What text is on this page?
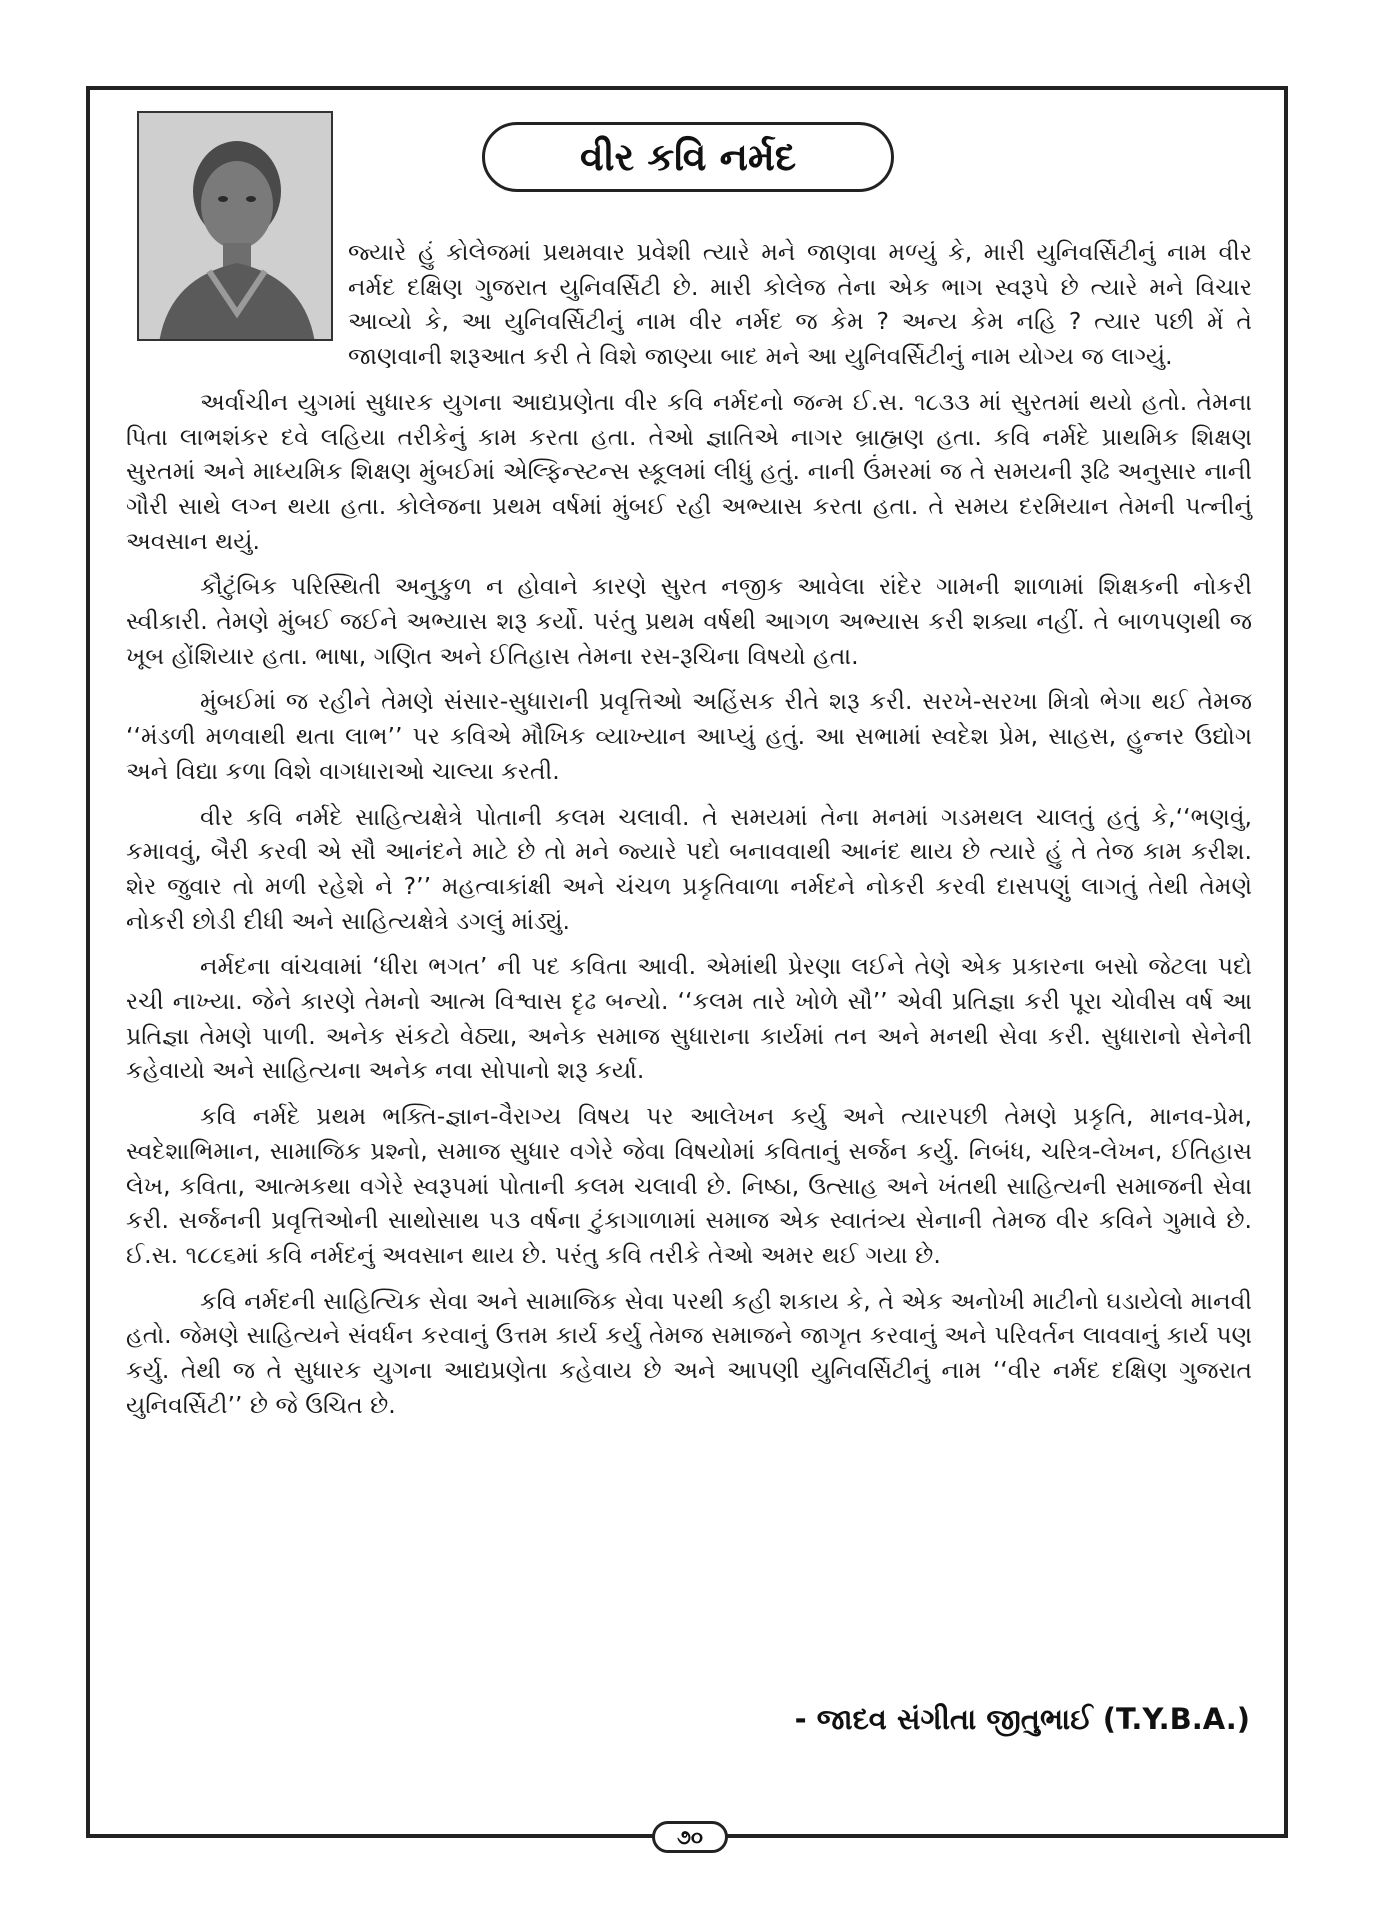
વીર કવિ નર્મદ

જ્યારે હું કોલેજમાં પ્રથમવાર પ્રવેશી ત્યારે મને જાણવા મળ્યું કે, મારી યુનિવર્સિટીનું નામ વીર નર્મદ દક્ષિણ ગુજરાત યુનિવર્સિટી છે. મારી કોલેજ તેના એક ભાગ સ્વરૂપે છે ત્યારે મને વિચાર આવ્યો કે, આ યુનિવર્સિટીનું નામ વીર નર્મદ જ કેમ ? અન્ય કેમ નહિ ? ત્યાર પછી મેં તે જાણવાની શરૂઆત કરી તે વિશે જાણ્યા બાદ મને આ યુનિવર્સિટીનું નામ યોગ્ય જ લાગ્યું.

અર્વાચીન યુગમાં સુધારક યુગના આદ્યપ્રણેતા વીર કવિ નર્મદનો જન્મ ઈ.સ. ૧૮૩૩ માં સુરતમાં થયો હતો. તેમના પિતા લાભશંકર દવે લહિયા તરીકેનું કામ કરતા હતા. તેઓ જ્ઞાતિએ નાગર બ્રાહ્મણ હતા. કવિ નર્મદે પ્રાથમિક શિક્ષણ સુરતમાં અને માધ્યમિક શિક્ષણ મુંબઈમાં એલ્ફિન્સ્ટન્સ સ્કૂલમાં લીધું હતું. નાની ઉંમરમાં જ તે સમયની રૂઢિ અનુસાર નાની ગૌરી સાથે લગ્ન થયા હતા. કોલેજના પ્રથમ વર્ષમાં મુંબઈ રહી અભ્યાસ કરતા હતા. તે સમય દરમિયાન તેમની પત્નીનું અવસાન થયું.

કૌટુંબિક પરિસ્થિતી અનુકુળ ન હોવાને કારણે સુરત નજીક આવેલા રાંદેર ગામની શાળામાં શિક્ષકની નોકરી સ્વીકારી. તેમણે મુંબઈ જઈને અભ્યાસ શરૂ કર્યો. પરંતુ પ્રથમ વર્ષથી આગળ અભ્યાસ કરી શક્યા નહીં. તે બાળપણથી જ ખૂબ હોંશિયાર હતા. ભાષા, ગણિત અને ઈતિહાસ તેમના રસ-રૂચિના વિષયો હતા.

મુંબઈમાં જ રહીને તેમણે સંસાર-સુધારાની પ્રવૃત્તિઓ અહિંસક રીતે શરૂ કરી. સરખે-સરખા મિત્રો ભેગા થઈ તેમજ ‘‘મંડળી મળવાથી થતા લાભ’’ પર કવિએ મૌખિક વ્યાખ્યાન આપ્યું હતું. આ સભામાં સ્વદેશ પ્રેમ, સાહસ, હુન્નર ઉદ્યોગ અને વિદ્યા કળા વિશે વાગધારાઓ ચાલ્યા કરતી.

વીર કવિ નર્મદે સાહિત્યક્ષેત્રે પોતાની કલમ ચલાવી. તે સમયમાં તેના મનમાં ગડમથલ ચાલતું હતું કે,‘‘ભણવું, કમાવવું, બૈરી કરવી એ સૌ આનંદને માટે છે તો મને જ્યારે પદો બનાવવાથી આનંદ થાય છે ત્યારે હું તે તેજ કામ કરીશ. શેર જુવાર તો મળી રહેશે ને ?’’ મહત્વાકાંક્ષી અને ચંચળ પ્રકૃતિવાળા નર્મદને નોકરી કરવી દાસપણું લાગતું તેથી તેમણે નોકરી છોડી દીધી અને સાહિત્યક્ષેત્રે ડગલું માંડ્યું.

નર્મદના વાંચવામાં ‘ધીરા ભગત’ ની પદ કવિતા આવી. એમાંથી પ્રેરણા લઈને તેણે એક પ્રકારના બસો જેટલા પદો રચી નાખ્યા. જેને કારણે તેમનો આત્મ વિશ્વાસ દૃઢ બન્યો. ‘‘કલમ તારે ખોળે સૌ’’ એવી પ્રતિજ્ઞા કરી પૂરા ચોવીસ વર્ષ આ પ્રતિજ્ઞા તેમણે પાળી. અનેક સંકટો વેઠ્યા, અનેક સમાજ સુધારાના કાર્યમાં તન અને મનથી સેવા કરી. સુધારાનો સેનેની કહેવાયો અને સાહિત્યના અનેક નવા સોપાનો શરૂ કર્યા.

કવિ નર્મદે પ્રથમ ભક્તિ-જ્ઞાન-વૈરાગ્ય વિષય પર આલેખન કર્યુ અને ત્યારપછી તેમણે પ્રકૃતિ, માનવ-પ્રેમ, સ્વદેશાભિમાન, સામાજિક પ્રશ્નો, સમાજ સુધાર વગેરે જેવા વિષયોમાં કવિતાનું સર્જન કર્યુ. નિબંધ, ચરિત્ર-લેખન, ઈતિહાસ લેખ, કવિતા, આત્મકથા વગેરે સ્વરૂપમાં પોતાની કલમ ચલાવી છે. નિષ્ઠા, ઉત્સાહ અને ખંતથી સાહિત્યની સમાજની સેવા કરી. સર્જનની પ્રવૃત્તિઓની સાથોસાથ ૫૩ વર્ષના ટુંકાગાળામાં સમાજ એક સ્વાતંત્ર્ય સેનાની તેમજ વીર કવિને ગુમાવે છે. ઈ.સ. ૧૮૮૬માં કવિ નર્મદનું અવસાન થાય છે. પરંતુ કવિ તરીકે તેઓ અમર થઈ ગયા છે.

કવિ નર્મદની સાહિત્યિક સેવા અને સામાજિક સેવા પરથી કહી શકાય કે, તે એક અનોખી માટીનો ઘડાયેલો માનવી હતો. જેમણે સાહિત્યને સંવર્ધન કરવાનું ઉત્તમ કાર્ય કર્યુ તેમજ સમાજને જાગૃત કરવાનું અને પરિવર્તન લાવવાનું કાર્ય પણ કર્યુ. તેથી જ તે સુધારક યુગના આદ્યપ્રણેતા કહેવાય છે અને આપણી યુનિવર્સિટીનું નામ ‘‘વીર નર્મદ દક્ષિણ ગુજરાત યુનિવર્સિટી’’ છે જે ઉચિત છે.

- જાદવ સંગીતા જીતુભાઈ (T.Y.B.A.)
૭૦
